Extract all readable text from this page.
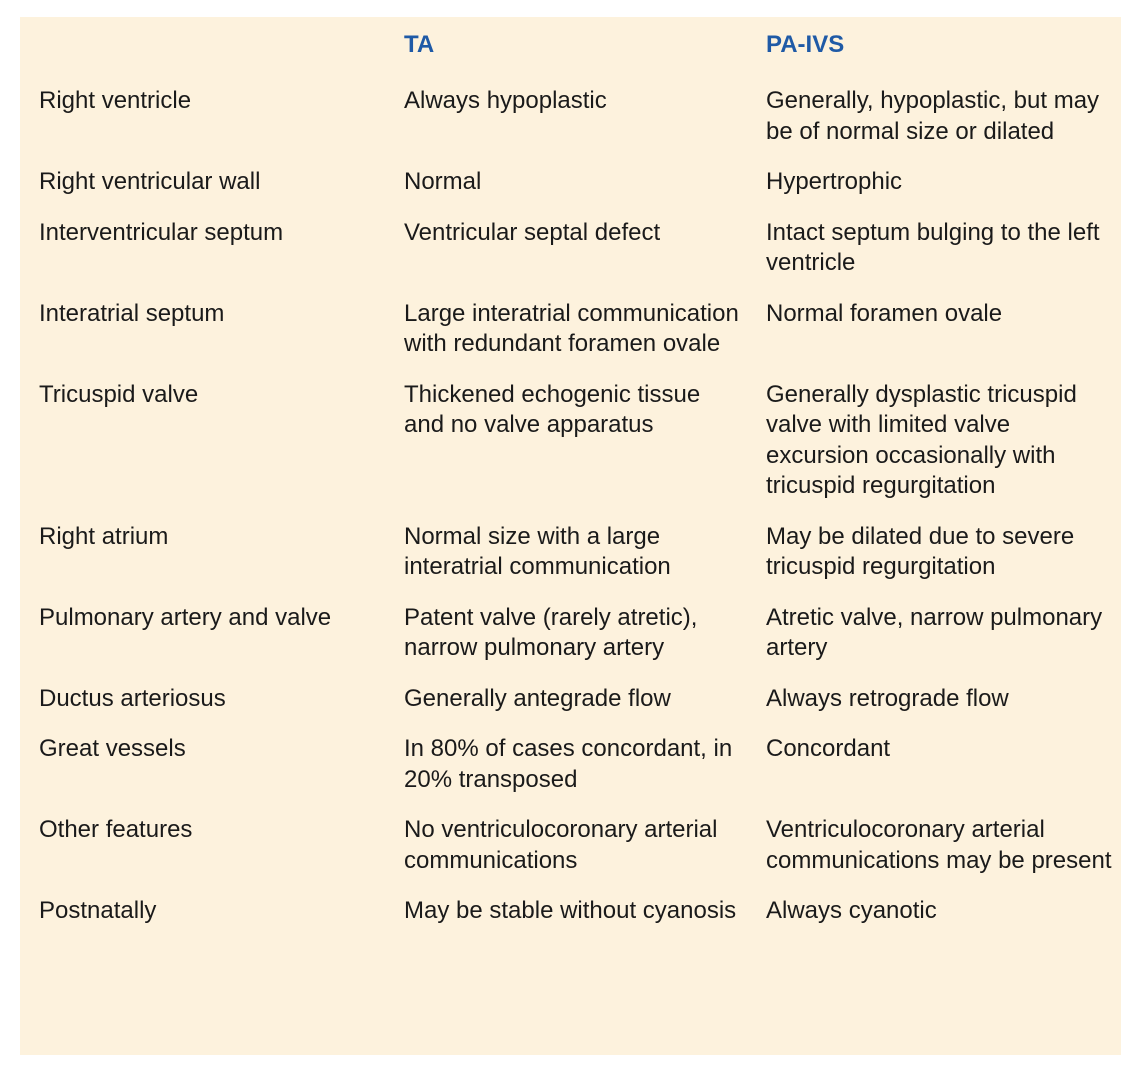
	TA	PA-IVS
Right ventricle	Always hypoplastic	Generally, hypoplastic, but may be of normal size or dilated
Right ventricular wall	Normal	Hypertrophic
Interventricular septum	Ventricular septal defect	Intact septum bulging to the left ventricle
Interatrial septum	Large interatrial communication with redundant foramen ovale	Normal foramen ovale
Tricuspid valve	Thickened echogenic tissue and no valve apparatus	Generally dysplastic tricuspid valve with limited valve excursion occasionally with tricuspid regurgitation
Right atrium	Normal size with a large interatrial communication	May be dilated due to severe tricuspid regurgitation
Pulmonary artery and valve	Patent valve (rarely atretic), narrow pulmonary artery	Atretic valve, narrow pulmonary artery
Ductus arteriosus	Generally antegrade flow	Always retrograde flow
Great vessels	In 80% of cases concordant, in 20% transposed	Concordant
Other features	No ventriculocoronary arterial communications	Ventriculocoronary arterial communications may be present
Postnatally	May be stable without cyanosis	Always cyanotic
